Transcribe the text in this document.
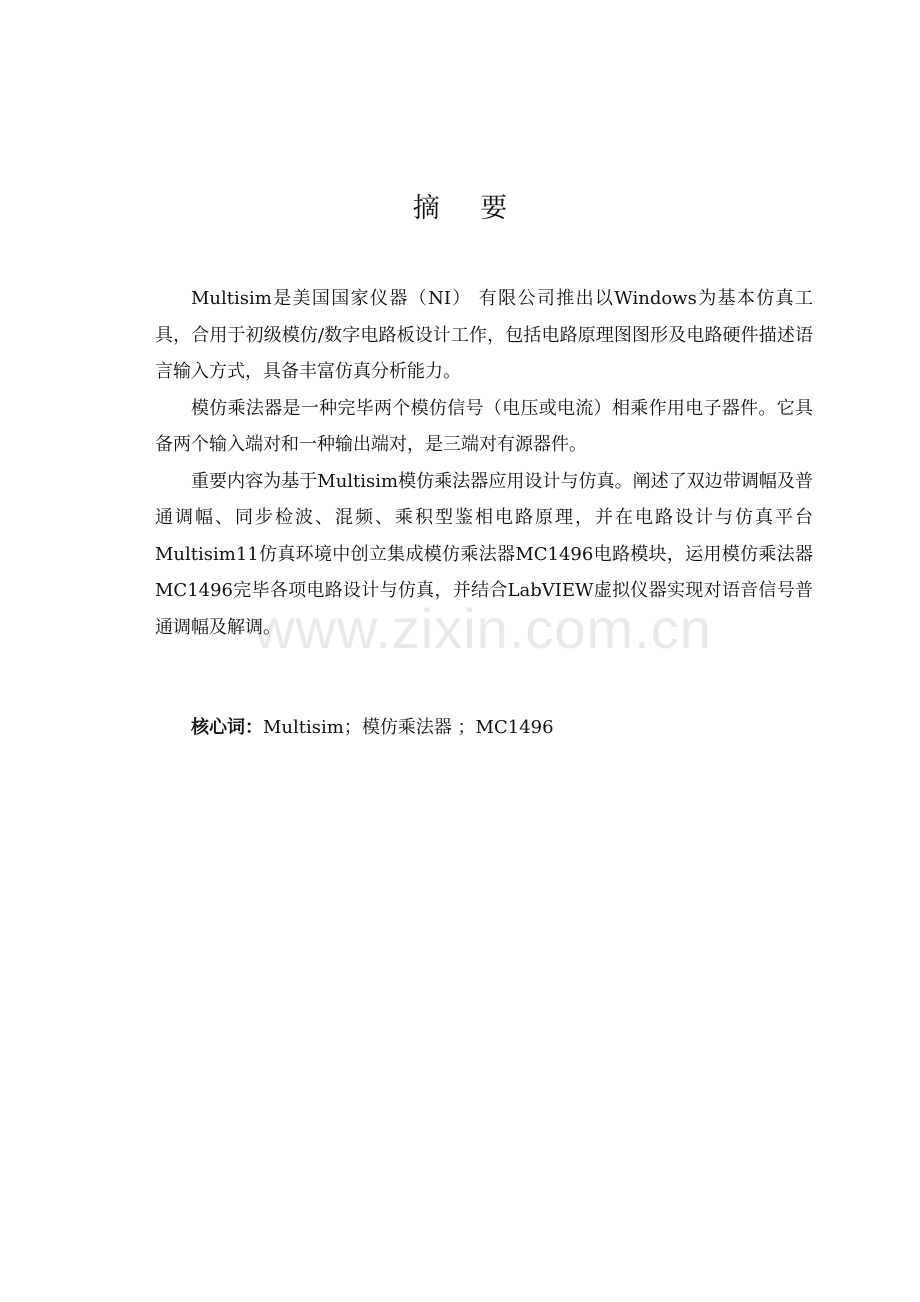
www.zixin.com.cn
摘 要

Multisim是美国国家仪器（NI） 有限公司推出以Windows为基本仿真工具，合用于初级模仿/数字电路板设计工作，包括电路原理图图形及电路硬件描述语言输入方式，具备丰富仿真分析能力。

模仿乘法器是一种完毕两个模仿信号（电压或电流）相乘作用电子器件。它具备两个输入端对和一种输出端对，是三端对有源器件。

重要内容为基于Multisim模仿乘法器应用设计与仿真。阐述了双边带调幅及普通调幅、同步检波、混频、乘积型鉴相电路原理，并在电路设计与仿真平台Multisim11仿真环境中创立集成模仿乘法器MC1496电路模块，运用模仿乘法器MC1496完毕各项电路设计与仿真，并结合LabVIEW虚拟仪器实现对语音信号普通调幅及解调。

核心词：Multisim；模仿乘法器 ；MC1496
